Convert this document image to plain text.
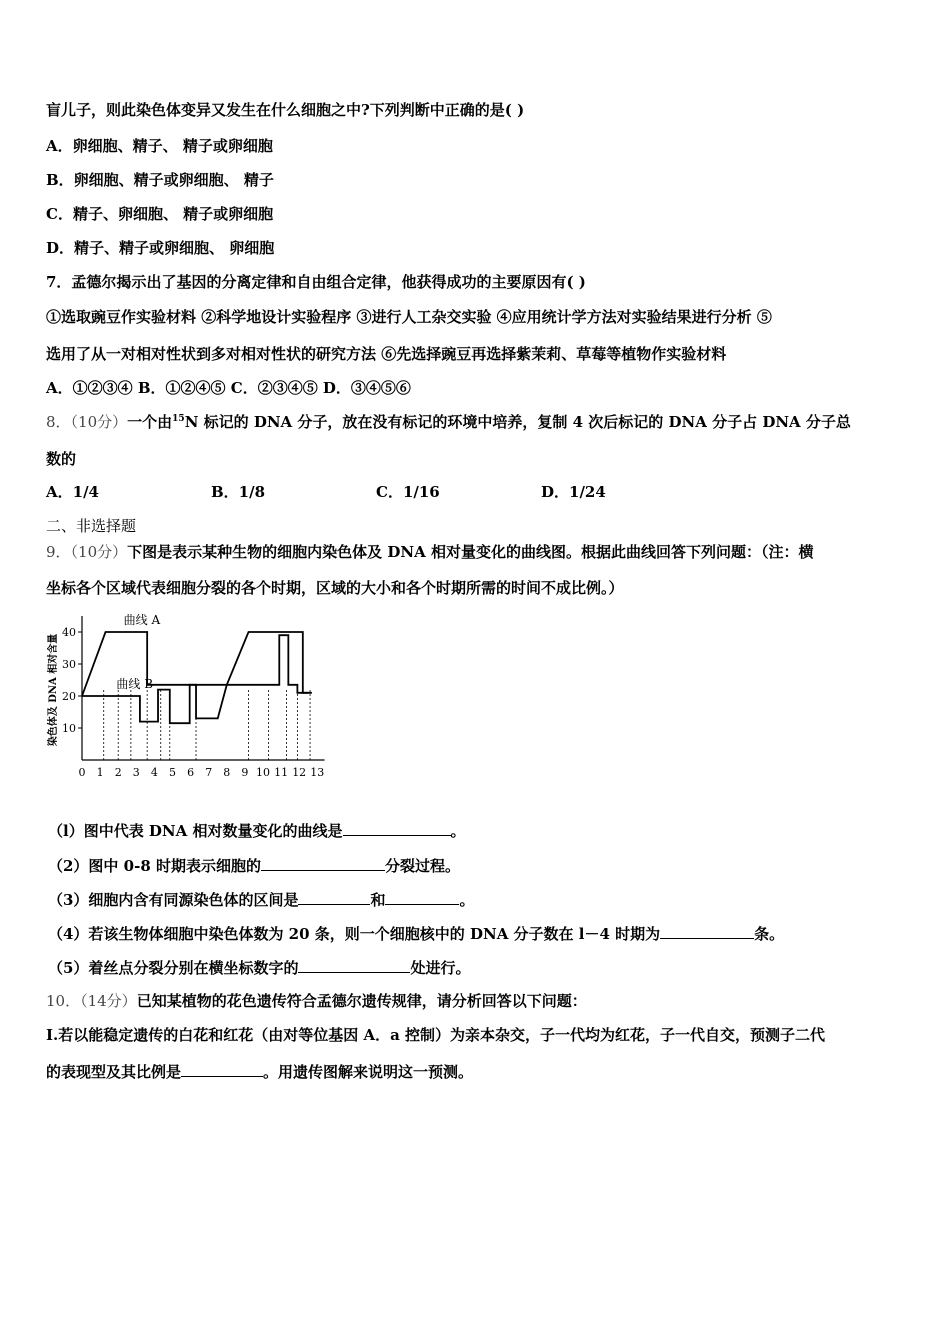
盲儿子，则此染色体变异又发生在什么细胞之中?下列判断中正确的是( )
A．卵细胞、精子、 精子或卵细胞
B．卵细胞、精子或卵细胞、 精子
C．精子、卵细胞、 精子或卵细胞
D．精子、精子或卵细胞、 卵细胞
7．孟德尔揭示出了基因的分离定律和自由组合定律，他获得成功的主要原因有( )
①选取豌豆作实验材料 ②科学地设计实验程序 ③进行人工杂交实验 ④应用统计学方法对实验结果进行分析 ⑤
选用了从一对相对性状到多对相对性状的研究方法 ⑥先选择豌豆再选择紫茉莉、草莓等植物作实验材料
A．①②③④ B．①②④⑤ C．②③④⑤ D．③④⑤⑥
8．（10分）一个由$^{15}$N 标记的 DNA 分子，放在没有标记的环境中培养，复制 4 次后标记的 DNA 分子占 DNA 分子总
数的
A．1/4	B．1/8	C．1/16	D．1/24
二、非选择题
9．（10分）下图是表示某种生物的细胞内染色体及 DNA 相对量变化的曲线图。根据此曲线回答下列问题：（注：横
坐标各个区域代表细胞分裂的各个时期，区域的大小和各个时期所需的时间不成比例。）
10
20
30
40
0 1 2 3 4 5 6 7 8 9 10 11 12 13
曲线 A
曲线 B
染色体及 DNA 相对含量
（l）图中代表 DNA 相对数量变化的曲线是	。
（2）图中 0-8 时期表示细胞的	分裂过程。
（3）细胞内含有同源染色体的区间是	和	。
（4）若该生物体细胞中染色体数为 20 条，则一个细胞核中的 DNA 分子数在 l－4 时期为	条。
（5）着丝点分裂分别在横坐标数字的	处进行。
10．（14分）已知某植物的花色遗传符合孟德尔遗传规律，请分析回答以下问题：
I.若以能稳定遗传的白花和红花（由对等位基因 A．a 控制）为亲本杂交，子一代均为红花，子一代自交，预测子二代
的表现型及其比例是	。用遗传图解来说明这一预测。
